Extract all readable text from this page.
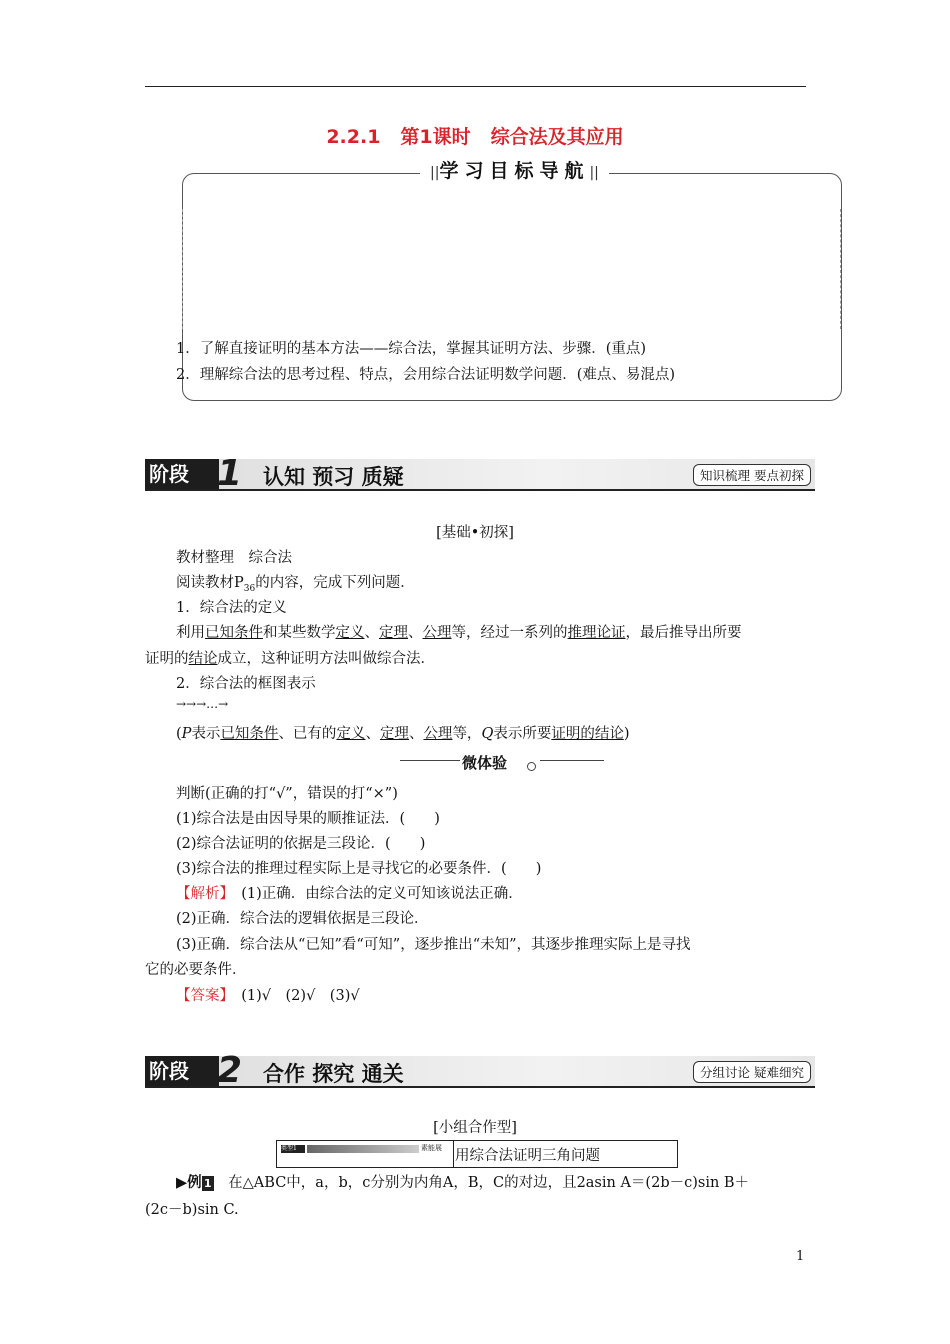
2.2.1 第1课时 综合法及其应用
|| 学习目标导航 ||
1．了解直接证明的基本方法——综合法，掌握其证明方法、步骤．(重点)
2．理解综合法的思考过程、特点，会用综合法证明数学问题．(难点、易混点)
阶段 1 认知 预习 质疑	知识梳理 要点初探
[基础•初探]
教材整理　综合法
阅读教材$P_{36}$的内容，完成下列问题．
1．综合法的定义
利用已知条件和某些数学定义、定理、公理等，经过一系列的推理论证，最后推导出所要
证明的结论成立，这种证明方法叫做综合法．
2．综合法的框图表示
→→→…→
(P表示已知条件、已有的定义、定理、公理等，Q表示所要证明的结论)
微体验
判断(正确的打“√”，错误的打“×”)
(1)综合法是由因导果的顺推证法．(　　)
(2)综合法证明的依据是三段论．(　　)
(3)综合法的推理过程实际上是寻找它的必要条件．(　　)
【解析】　(1)正确．由综合法的定义可知该说法正确．
(2)正确．综合法的逻辑依据是三段论．
(3)正确．综合法从“已知”看“可知”，逐步推出“未知”，其逐步推理实际上是寻找
它的必要条件．
【答案】　(1)√　(2)√　(3)√
阶段 2 合作 探究 通关	分组讨论 疑难细究
[小组合作型]
类型1	素能展 用综合法证明三角问题
▶例 1　在△ABC中，a，b，c分别为内角A，B，C的对边，且2asin A＝(2b－c)sin B＋
(2c－b)sin C.
1
